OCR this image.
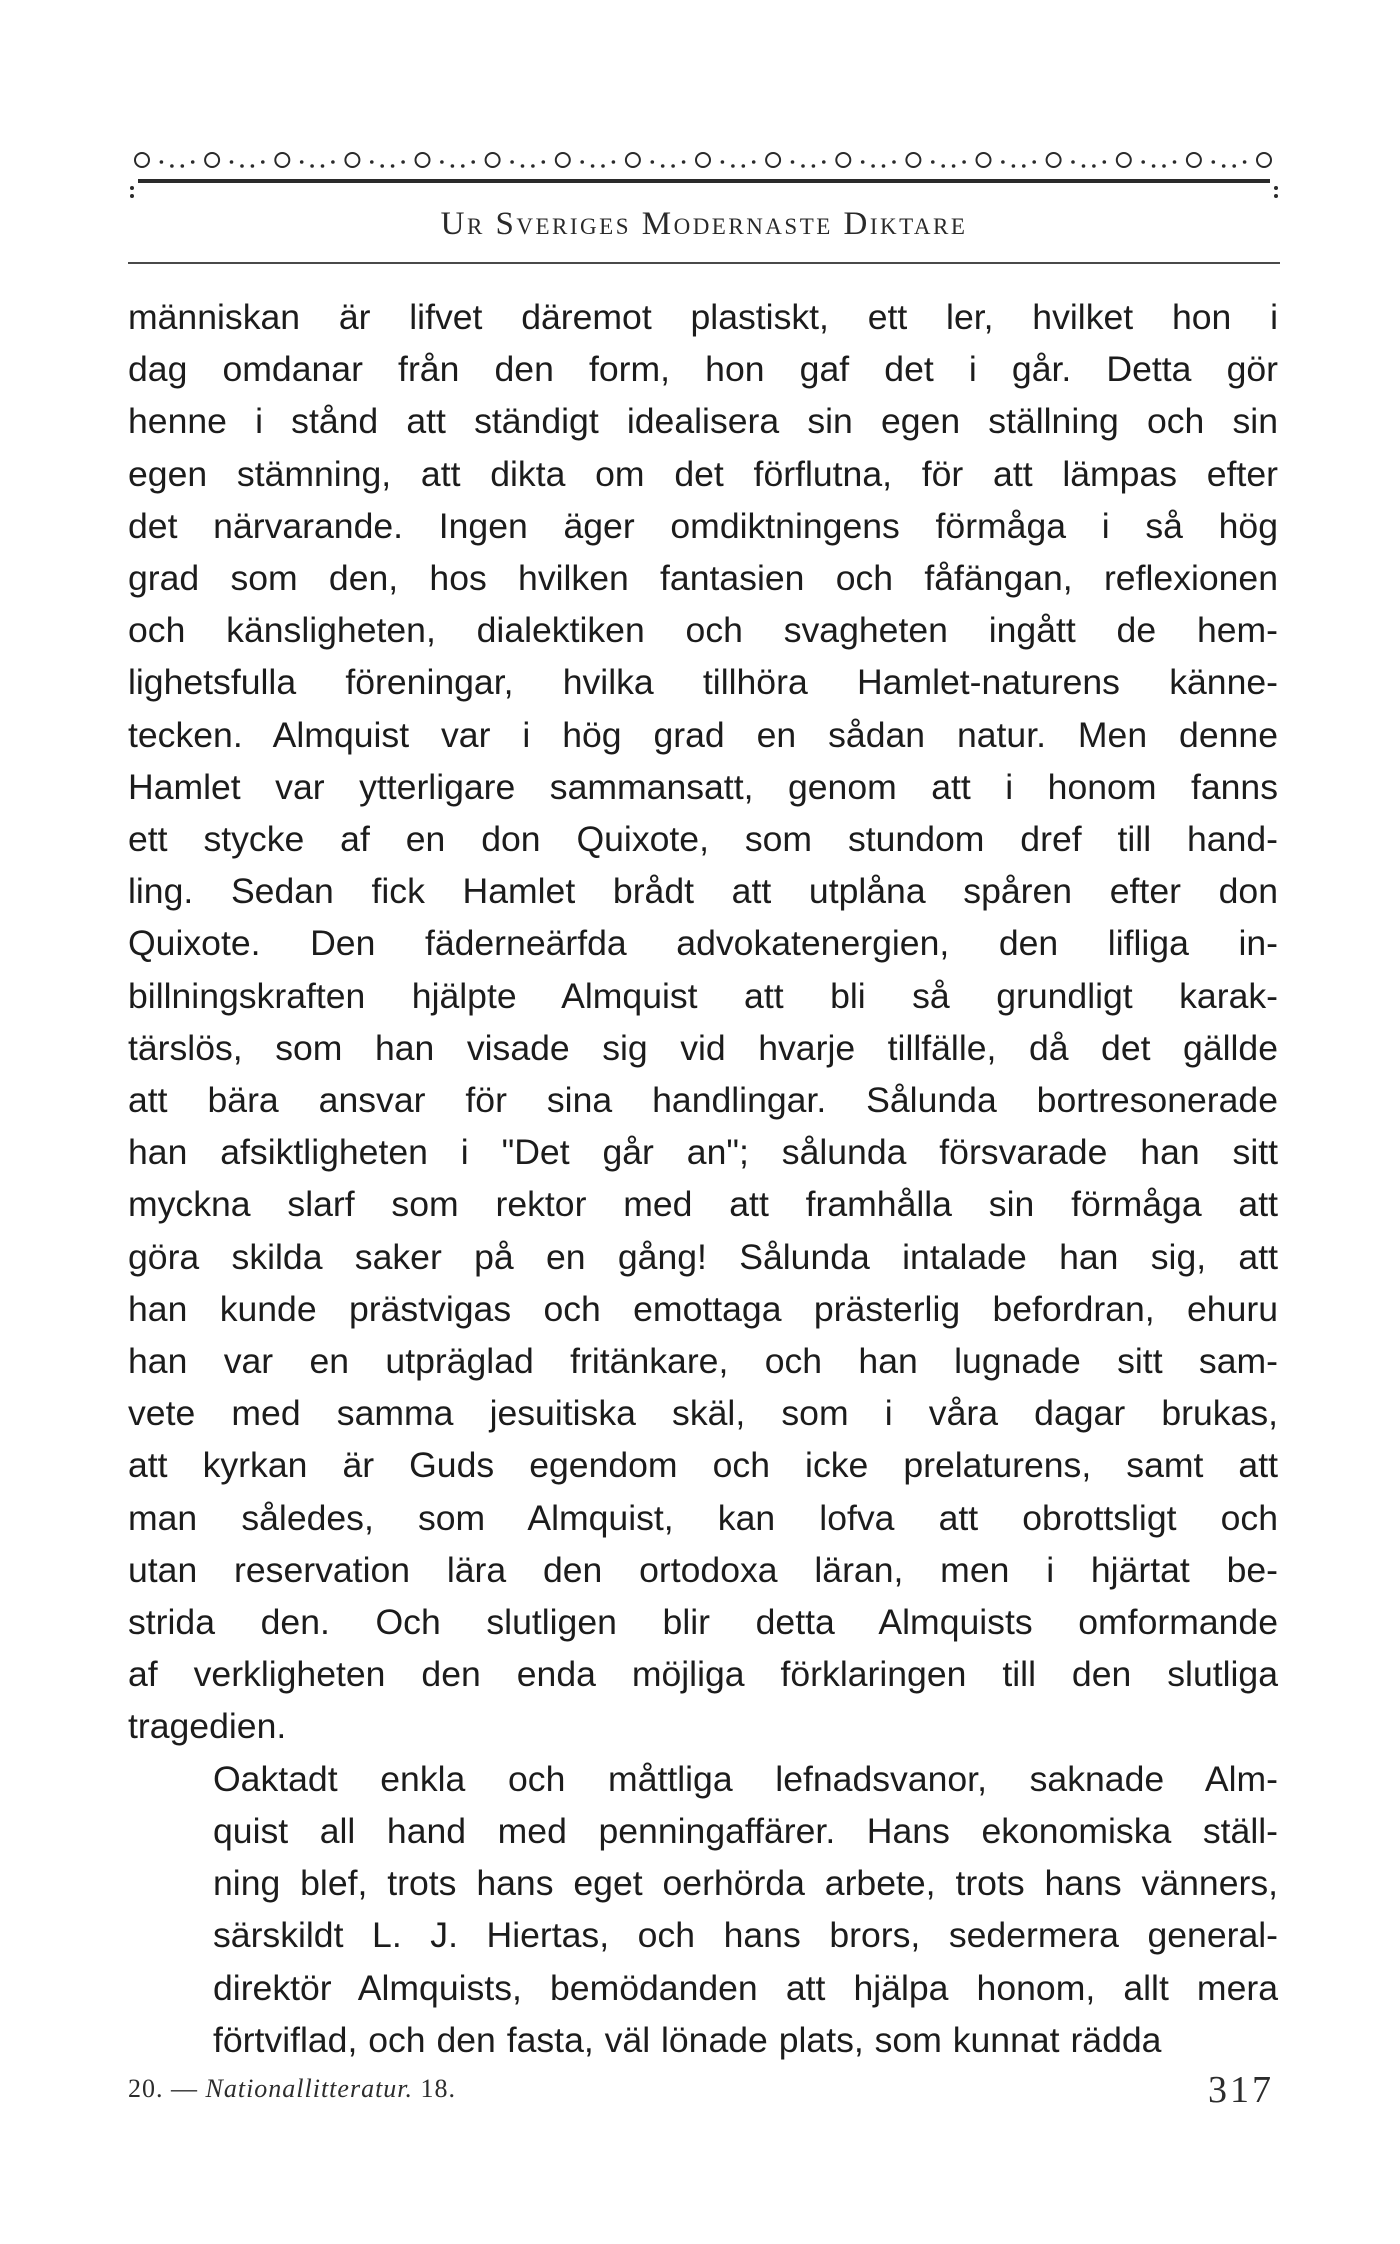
Ur Sveriges Modernaste Diktare

människan är lifvet däremot plastiskt, ett ler, hvilket hon i
dag omdanar från den form, hon gaf det i går. Detta gör
henne i stånd att ständigt idealisera sin egen ställning och sin
egen stämning, att dikta om det förflutna, för att lämpas efter
det närvarande. Ingen äger omdiktningens förmåga i så hög
grad som den, hos hvilken fantasien och fåfängan, reflexionen
och känsligheten, dialektiken och svagheten ingått de hem-
lighetsfulla föreningar, hvilka tillhöra Hamlet-naturens känne-
tecken. Almquist var i hög grad en sådan natur. Men denne
Hamlet var ytterligare sammansatt, genom att i honom fanns
ett stycke af en don Quixote, som stundom dref till hand-
ling. Sedan fick Hamlet brådt att utplåna spåren efter don
Quixote. Den fäderneärfda advokatenergien, den lifliga in-
billningskraften hjälpte Almquist att bli så grundligt karak-
tärslös, som han visade sig vid hvarje tillfälle, då det gällde
att bära ansvar för sina handlingar. Sålunda bortresonerade
han afsiktligheten i "Det går an"; sålunda försvarade han sitt
myckna slarf som rektor med att framhålla sin förmåga att
göra skilda saker på en gång! Sålunda intalade han sig, att
han kunde prästvigas och emottaga prästerlig befordran, ehuru
han var en utpräglad fritänkare, och han lugnade sitt sam-
vete med samma jesuitiska skäl, som i våra dagar brukas,
att kyrkan är Guds egendom och icke prelaturens, samt att
man således, som Almquist, kan lofva att obrottsligt och
utan reservation lära den ortodoxa läran, men i hjärtat be-
strida den. Och slutligen blir detta Almquists omformande
af verkligheten den enda möjliga förklaringen till den slutliga
tragedien.

Oaktadt enkla och måttliga lefnadsvanor, saknade Alm-
quist all hand med penningaffärer. Hans ekonomiska ställ-
ning blef, trots hans eget oerhörda arbete, trots hans vänners,
särskildt L. J. Hiertas, och hans brors, sedermera general-
direktör Almquists, bemödanden att hjälpa honom, allt mera
förtviflad, och den fasta, väl lönade plats, som kunnat rädda

20. — Nationallitteratur. 18.	317
